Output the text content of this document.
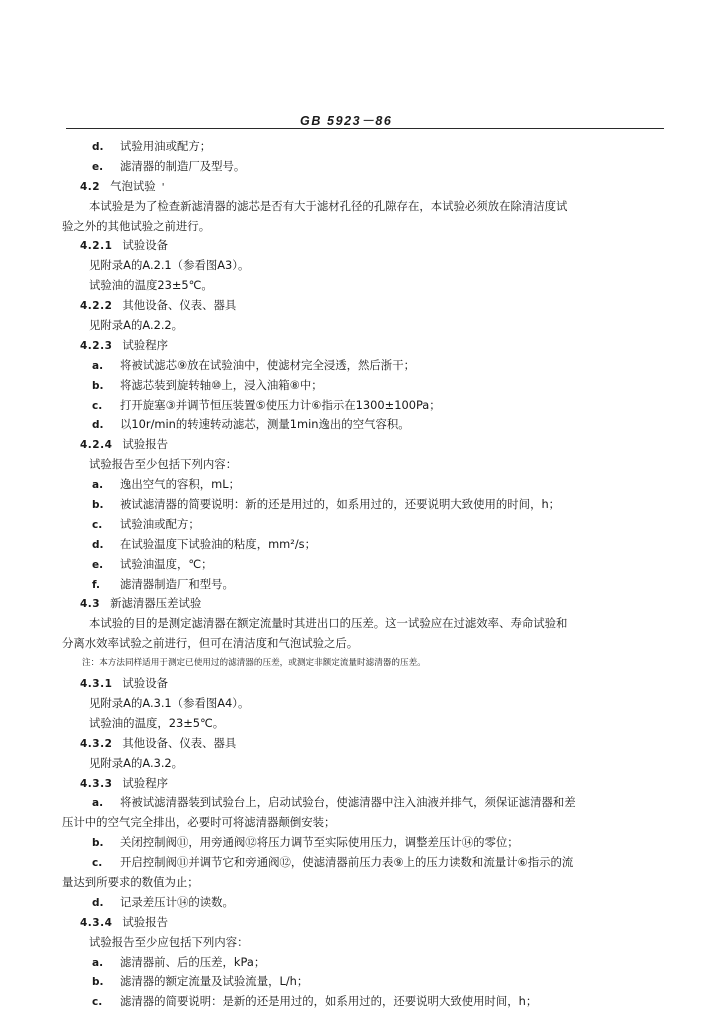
GB 5923－86
d. 试验用油或配方；
e. 滤清器的制造厂及型号。
4.2 气泡试验 '
本试验是为了检查新滤清器的滤芯是否有大于滤材孔径的孔隙存在，本试验必须放在除清洁度试
验之外的其他试验之前进行。
4.2.1 试验设备
见附录A的A.2.1（参看图A3）。
试验油的温度23±5℃。
4.2.2 其他设备、仪表、器具
见附录A的A.2.2。
4.2.3 试验程序
a. 将被试滤芯⑨放在试验油中，使滤材完全浸透，然后浙干；
b. 将滤芯装到旋转轴⑩上，浸入油箱⑧中；
c. 打开旋塞③并调节恒压装置⑤使压力计⑥指示在1300±100Pa；
d. 以10r/min的转速转动滤芯，测量1min逸出的空气容积。
4.2.4 试验报告
试验报告至少包括下列内容：
a. 逸出空气的容积，mL；
b. 被试滤清器的简要说明：新的还是用过的，如系用过的，还要说明大致使用的时间，h；
c. 试验油或配方；
d. 在试验温度下试验油的粘度，mm²/s；
e. 试验油温度，℃；
f. 滤清器制造厂和型号。
4.3 新滤清器压差试验
本试验的目的是测定滤清器在额定流量时其进出口的压差。这一试验应在过滤效率、寿命试验和
分离水效率试验之前进行，但可在清洁度和气泡试验之后。
注：本方法同样适用于测定已使用过的滤清器的压差，或测定非额定流量时滤清器的压差。
4.3.1 试验设备
见附录A的A.3.1（参看图A4）。
试验油的温度，23±5℃。
4.3.2 其他设备、仪表、器具
见附录A的A.3.2。
4.3.3 试验程序
a. 将被试滤清器装到试验台上，启动试验台，使滤清器中注入油液并排气，须保证滤清器和差
压计中的空气完全排出，必要时可将滤清器颠倒安装；
b. 关闭控制阀⑪，用旁通阀⑫将压力调节至实际使用压力，调整差压计⑭的零位；
c. 开启控制阀⑪并调节它和旁通阀⑫，使滤清器前压力表⑨上的压力读数和流量计⑥指示的流
量达到所要求的数值为止；
d. 记录差压计⑭的读数。
4.3.4 试验报告
试验报告至少应包括下列内容：
a. 滤清器前、后的压差，kPa；
b. 滤清器的额定流量及试验流量，L/h；
c. 滤清器的简要说明：是新的还是用过的，如系用过的，还要说明大致使用时间，h；
